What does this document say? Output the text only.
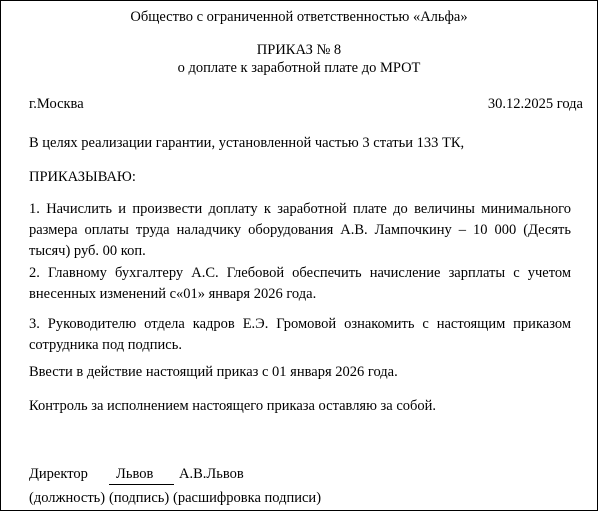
Общество с ограниченной ответственностью «Альфа»
ПРИКАЗ № 8
о доплате к заработной плате до МРОТ
г.Москва	30.12.2025 года
В целях реализации гарантии, установленной частью 3 статьи 133 ТК,
ПРИКАЗЫВАЮ:
1. Начислить и произвести доплату к заработной плате до величины минимального размера оплаты труда наладчику оборудования А.В. Лампочкину – 10 000 (Десять тысяч) руб. 00 коп.
2. Главному бухгалтеру А.С. Глебовой обеспечить начисление зарплаты с учетом внесенных изменений с«01» января 2026 года.
3. Руководителю отдела кадров Е.Э. Громовой ознакомить с настоящим приказом сотрудника под подпись.
Ввести в действие настоящий приказ с 01 января 2026 года.
Контроль за исполнением настоящего приказа оставляю за собой.
Директор Львов А.В.Львов
(должность) (подпись) (расшифровка подписи)
